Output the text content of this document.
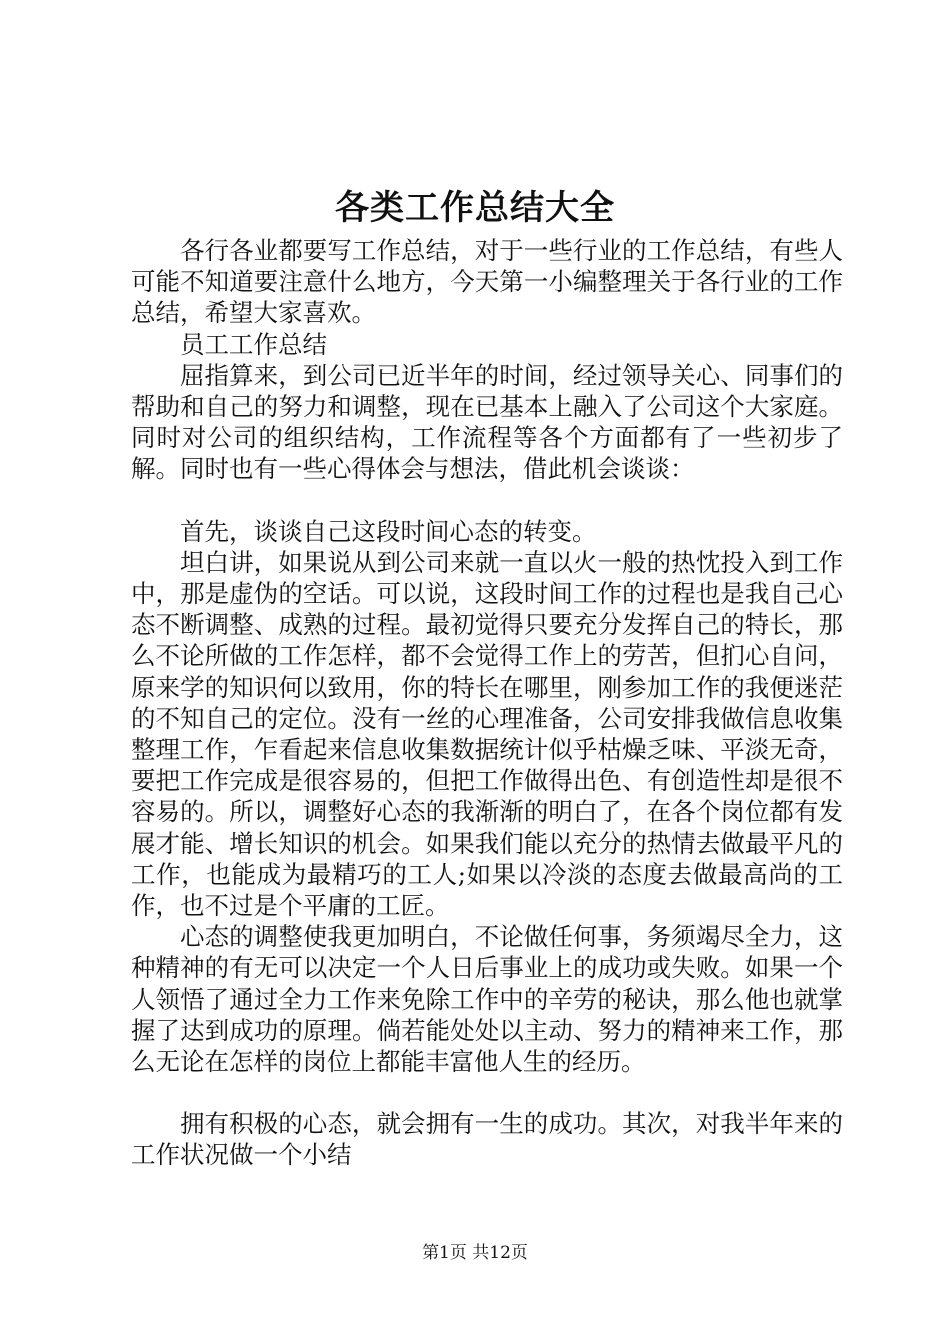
各类工作总结大全

各行各业都要写工作总结，对于一些行业的工作总结，有些人可能不知道要注意什么地方，今天第一小编整理关于各行业的工作总结，希望大家喜欢。

员工工作总结

屈指算来，到公司已近半年的时间，经过领导关心、同事们的帮助和自己的努力和调整，现在已基本上融入了公司这个大家庭。同时对公司的组织结构，工作流程等各个方面都有了一些初步了解。同时也有一些心得体会与想法，借此机会谈谈：

首先，谈谈自己这段时间心态的转变。

坦白讲，如果说从到公司来就一直以火一般的热忱投入到工作中，那是虚伪的空话。可以说，这段时间工作的过程也是我自己心态不断调整、成熟的过程。最初觉得只要充分发挥自己的特长，那么不论所做的工作怎样，都不会觉得工作上的劳苦，但扪心自问，原来学的知识何以致用，你的特长在哪里，刚参加工作的我便迷茫的不知自己的定位。没有一丝的心理准备，公司安排我做信息收集整理工作，乍看起来信息收集数据统计似乎枯燥乏味、平淡无奇，要把工作完成是很容易的，但把工作做得出色、有创造性却是很不容易的。所以，调整好心态的我渐渐的明白了，在各个岗位都有发展才能、增长知识的机会。如果我们能以充分的热情去做最平凡的工作，也能成为最精巧的工人;如果以冷淡的态度去做最高尚的工作，也不过是个平庸的工匠。

心态的调整使我更加明白，不论做任何事，务须竭尽全力，这种精神的有无可以决定一个人日后事业上的成功或失败。如果一个人领悟了通过全力工作来免除工作中的辛劳的秘诀，那么他也就掌握了达到成功的原理。倘若能处处以主动、努力的精神来工作，那么无论在怎样的岗位上都能丰富他人生的经历。

拥有积极的心态，就会拥有一生的成功。其次，对我半年来的工作状况做一个小结

第1页 共12页
